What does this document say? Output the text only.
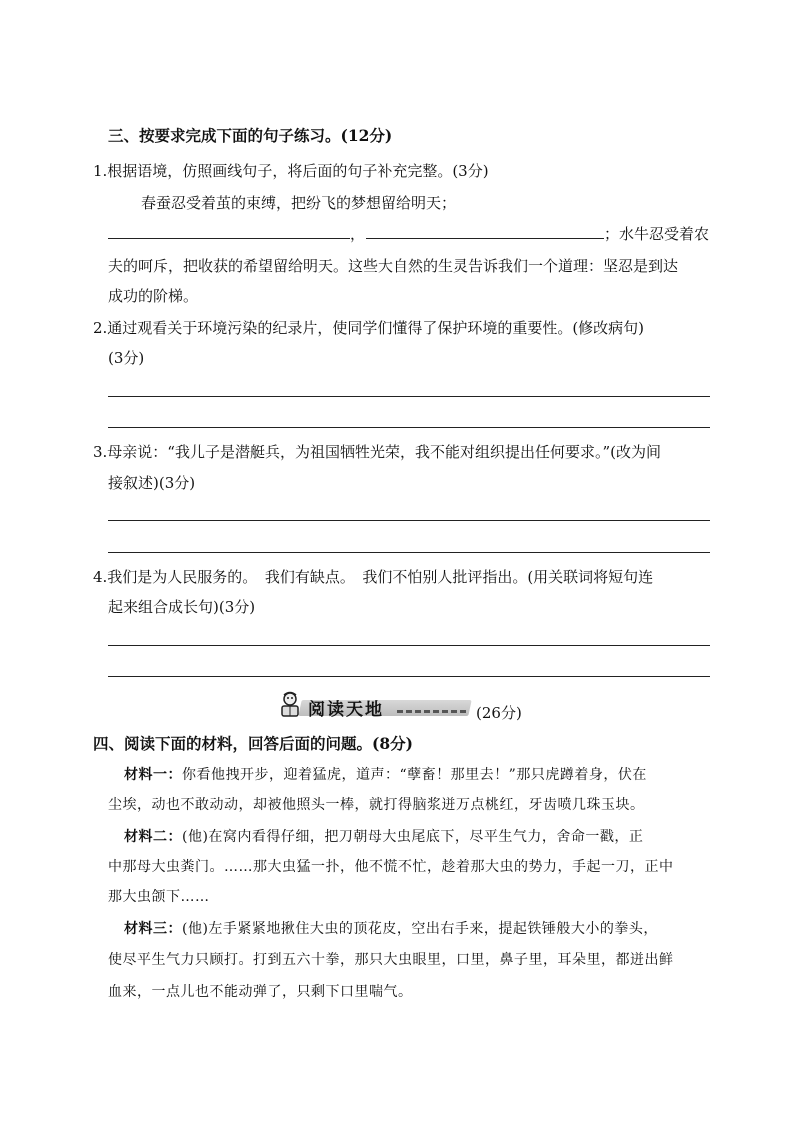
三、按要求完成下面的句子练习。(12分)
1.根据语境，仿照画线句子，将后面的句子补充完整。(3分)
春蚕忍受着茧的束缚，把纷飞的梦想留给明天；
，	；水牛忍受着农
夫的呵斥，把收获的希望留给明天。这些大自然的生灵告诉我们一个道理：坚忍是到达
成功的阶梯。
2.通过观看关于环境污染的纪录片，使同学们懂得了保护环境的重要性。(修改病句)
(3分)
3.母亲说：“我儿子是潜艇兵，为祖国牺牲光荣，我不能对组织提出任何要求。”(改为间
接叙述)(3分)
4.我们是为人民服务的。　我们有缺点。　我们不怕别人批评指出。(用关联词将短句连
起来组合成长句)(3分)
阅读天地	(26分)
四、阅读下面的材料，回答后面的问题。(8分)
材料一：你看他拽开步，迎着猛虎，道声：“孽畜！那里去！”那只虎蹲着身，伏在
尘埃，动也不敢动动，却被他照头一棒，就打得脑浆迸万点桃红，牙齿喷几珠玉块。
材料二：(他)在窝内看得仔细，把刀朝母大虫尾底下，尽平生气力，舍命一戳，正
中那母大虫粪门。……那大虫猛一扑，他不慌不忙，趁着那大虫的势力，手起一刀，正中
那大虫颌下……
材料三：(他)左手紧紧地揪住大虫的顶花皮，空出右手来，提起铁锤般大小的拳头，
使尽平生气力只顾打。打到五六十拳，那只大虫眼里，口里，鼻子里，耳朵里，都迸出鲜
血来，一点儿也不能动弹了，只剩下口里喘气。
